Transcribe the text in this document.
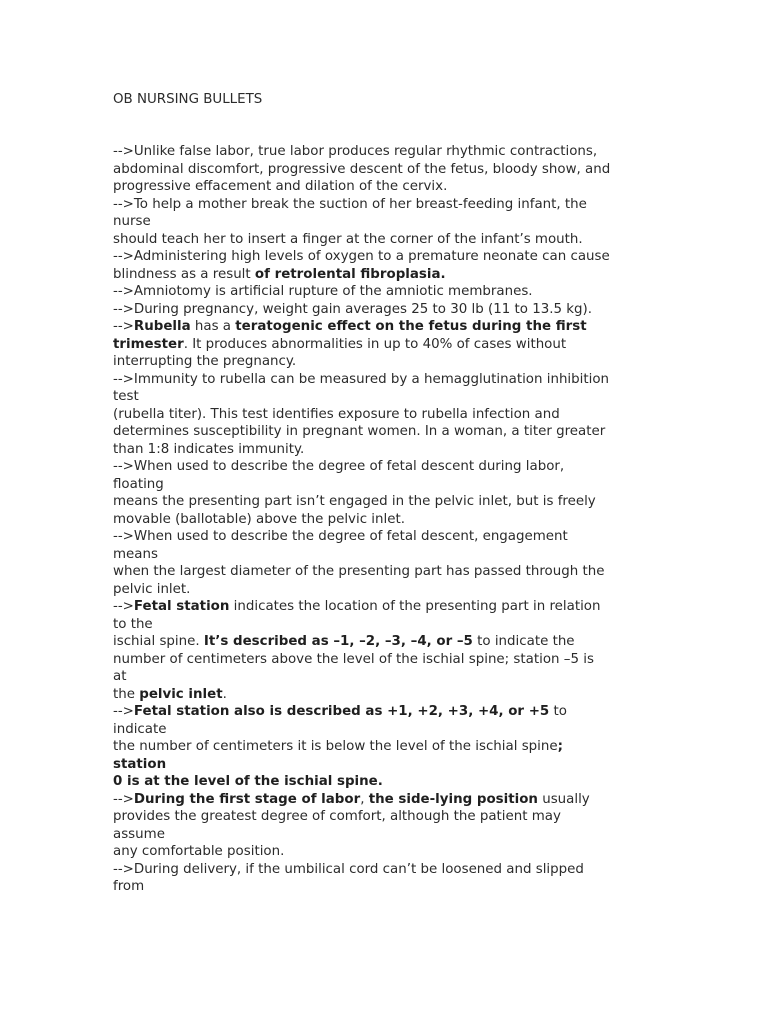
OB NURSING BULLETS
-->Unlike false labor, true labor produces regular rhythmic contractions,
abdominal discomfort, progressive descent of the fetus, bloody show, and
progressive effacement and dilation of the cervix.
-->To help a mother break the suction of her breast-feeding infant, the
nurse
should teach her to insert a finger at the corner of the infant’s mouth.
-->Administering high levels of oxygen to a premature neonate can cause
blindness as a result of retrolental fibroplasia.
-->Amniotomy is artificial rupture of the amniotic membranes.
-->During pregnancy, weight gain averages 25 to 30 lb (11 to 13.5 kg).
-->Rubella has a teratogenic effect on the fetus during the first
trimester. It produces abnormalities in up to 40% of cases without
interrupting the pregnancy.
-->Immunity to rubella can be measured by a hemagglutination inhibition
test
(rubella titer). This test identifies exposure to rubella infection and
determines susceptibility in pregnant women. In a woman, a titer greater
than 1:8 indicates immunity.
-->When used to describe the degree of fetal descent during labor,
floating
means the presenting part isn’t engaged in the pelvic inlet, but is freely
movable (ballotable) above the pelvic inlet.
-->When used to describe the degree of fetal descent, engagement
means
when the largest diameter of the presenting part has passed through the
pelvic inlet.
-->Fetal station indicates the location of the presenting part in relation
to the
ischial spine. It’s described as –1, –2, –3, –4, or –5 to indicate the
number of centimeters above the level of the ischial spine; station –5 is
at
the pelvic inlet.
-->Fetal station also is described as +1, +2, +3, +4, or +5 to
indicate
the number of centimeters it is below the level of the ischial spine;
station
0 is at the level of the ischial spine.
-->During the first stage of labor, the side-lying position usually
provides the greatest degree of comfort, although the patient may
assume
any comfortable position.
-->During delivery, if the umbilical cord can’t be loosened and slipped
from
